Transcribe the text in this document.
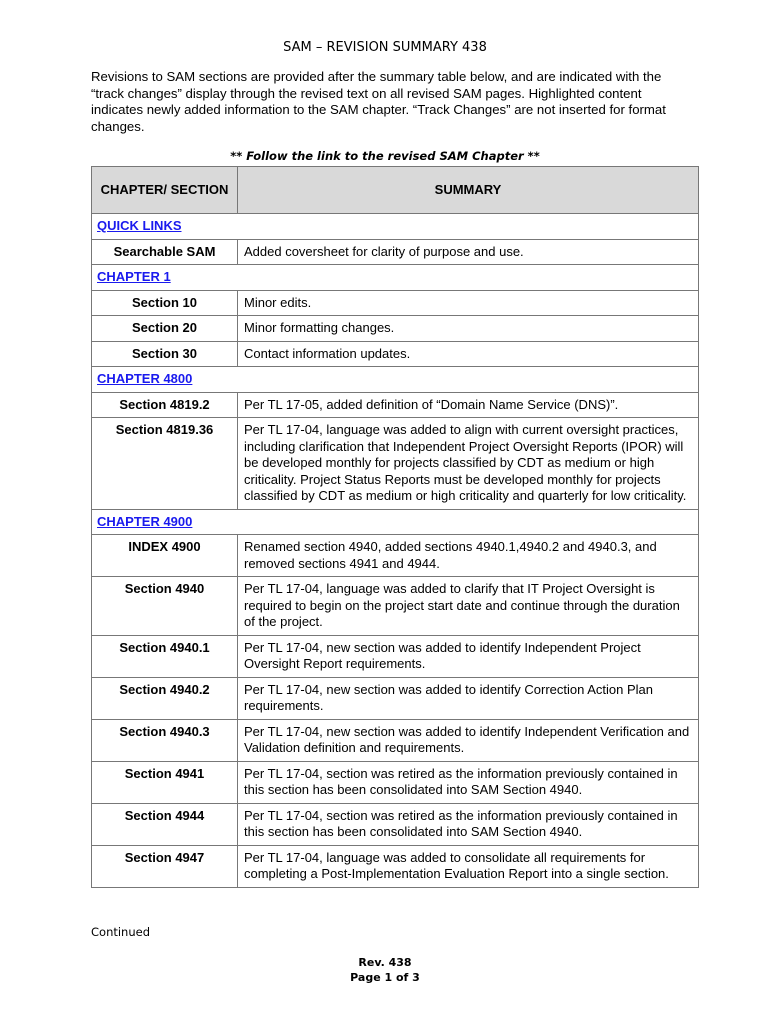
SAM – REVISION SUMMARY 438
Revisions to SAM sections are provided after the summary table below, and are indicated with the “track changes” display through the revised text on all revised SAM pages. Highlighted content indicates newly added information to the SAM chapter. “Track Changes” are not inserted for format changes.
** Follow the link to the revised SAM Chapter **
CHAPTER/ SECTION	SUMMARY
QUICK LINKS	
Searchable SAM	Added coversheet for clarity of purpose and use.
CHAPTER 1	
Section 10	Minor edits.
Section 20	Minor formatting changes.
Section 30	Contact information updates.
CHAPTER 4800	
Section 4819.2	Per TL 17-05, added definition of “Domain Name Service (DNS)”.
Section 4819.36	Per TL 17-04, language was added to align with current oversight practices, including clarification that Independent Project Oversight Reports (IPOR) will be developed monthly for projects classified by CDT as medium or high criticality. Project Status Reports must be developed monthly for projects classified by CDT as medium or high criticality and quarterly for low criticality.
CHAPTER 4900	
INDEX 4900	Renamed section 4940, added sections 4940.1,4940.2 and 4940.3, and removed sections 4941 and 4944.
Section 4940	Per TL 17-04, language was added to clarify that IT Project Oversight is required to begin on the project start date and continue through the duration of the project.
Section 4940.1	Per TL 17-04, new section was added to identify Independent Project Oversight Report requirements.
Section 4940.2	Per TL 17-04, new section was added to identify Correction Action Plan requirements.
Section 4940.3	Per TL 17-04, new section was added to identify Independent Verification and Validation definition and requirements.
Section 4941	Per TL 17-04, section was retired as the information previously contained in this section has been consolidated into SAM Section 4940.
Section 4944	Per TL 17-04, section was retired as the information previously contained in this section has been consolidated into SAM Section 4940.
Section 4947	Per TL 17-04, language was added to consolidate all requirements for completing a Post-Implementation Evaluation Report into a single section.
Continued
Rev. 438
Page 1 of 3
